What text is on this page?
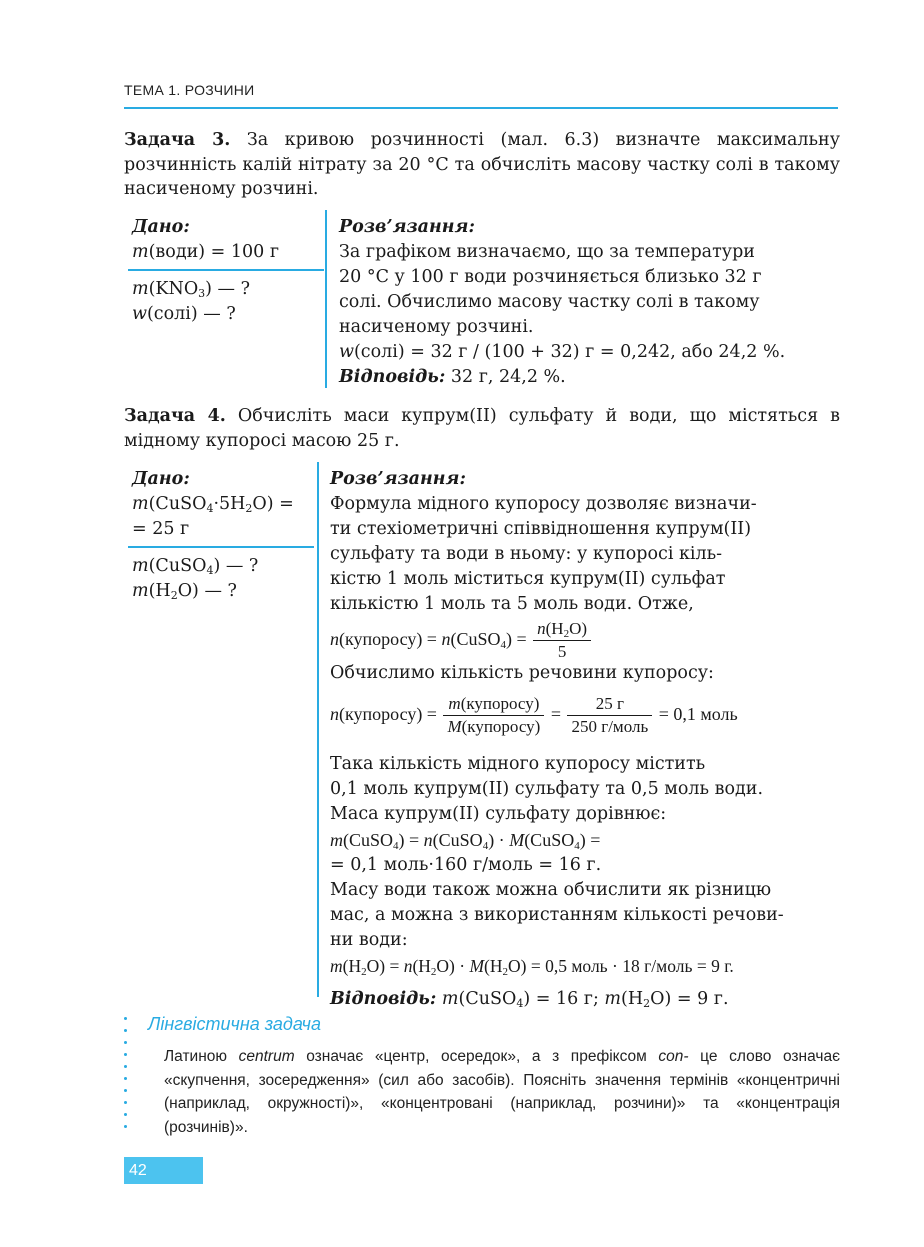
ТЕМА 1. РОЗЧИНИ

Задача 3. За кривою розчинності (мал. 6.3) визначте максимальну розчинність калій нітрату за 20 °С та обчисліть масову частку солі в такому насиченому розчині.

Дано:
m(води) = 100 г
$m(KNO_3)$ — ?
w(солі) — ?
Розв’язання:
За графіком визначаємо, що за температури
20 °С у 100 г води розчиняється близько 32 г
солі. Обчислимо масову частку солі в такому
насиченому розчині.
w(солі) = 32 г / (100 + 32) г = 0,242, або 24,2 %.
Відповідь: 32 г, 24,2 %.

Задача 4. Обчисліть маси купрум(ІІ) сульфату й води, що містяться в мідному купоросі масою 25 г.

Дано:
$m(CuSO_4\cdot 5H_2O)$ =
= 25 г
m(CuSO$_4$) — ?
$m(H_2O)$ — ?
Розв’язання:
Формула мідного купоросу дозволяє визначи-
ти стехіометричні співвідношення купрум(ІІ)
сульфату та води в ньому: у купоросі кіль-
кістю 1 моль міститься купрум(ІІ) сульфат
кількістю 1 моль та 5 моль води. Отже,
n(купоросу) = n(CuSO$_4$) = $\frac{n(H_2O)}{5}$
Обчислимо кількість речовини купоросу:
n(купоросу) = $\frac{\text{m(купоросу)}}{\text{M(купоросу)}} = \frac{25 г}{\text{250 г/моль}} = 0,1$ моль
Така кількість мідного купоросу містить
0,1 моль купрум(ІІ) сульфату та 0,5 моль води.
Маса купрум(ІІ) сульфату дорівнює:
m(CuSO$_4$) = n(CuSO$_4$) · M(CuSO$_4$) =
= 0,1 моль·160 г/моль = 16 г.
Масу води також можна обчислити як різницю
мас, а можна з використанням кількості речови-
ни води:
$m(H_2O) = n(H_2O) \cdot M(H_2O) = 0,5$ моль · 18 г/моль = 9 г.
Відповідь: m(CuSO$_4$) = 16 г; $m(H_2O) = 9$ г.
Лінгвістична задача
Латиною centrum означає «центр, осередок», а з префіксом con- це слово означає «скупчення, зосередження» (сил або засобів). Поясніть значення термінів «концентричні (наприклад, окружності)», «концентровані (наприклад, розчини)» та «концентрація (розчинів)».
42
